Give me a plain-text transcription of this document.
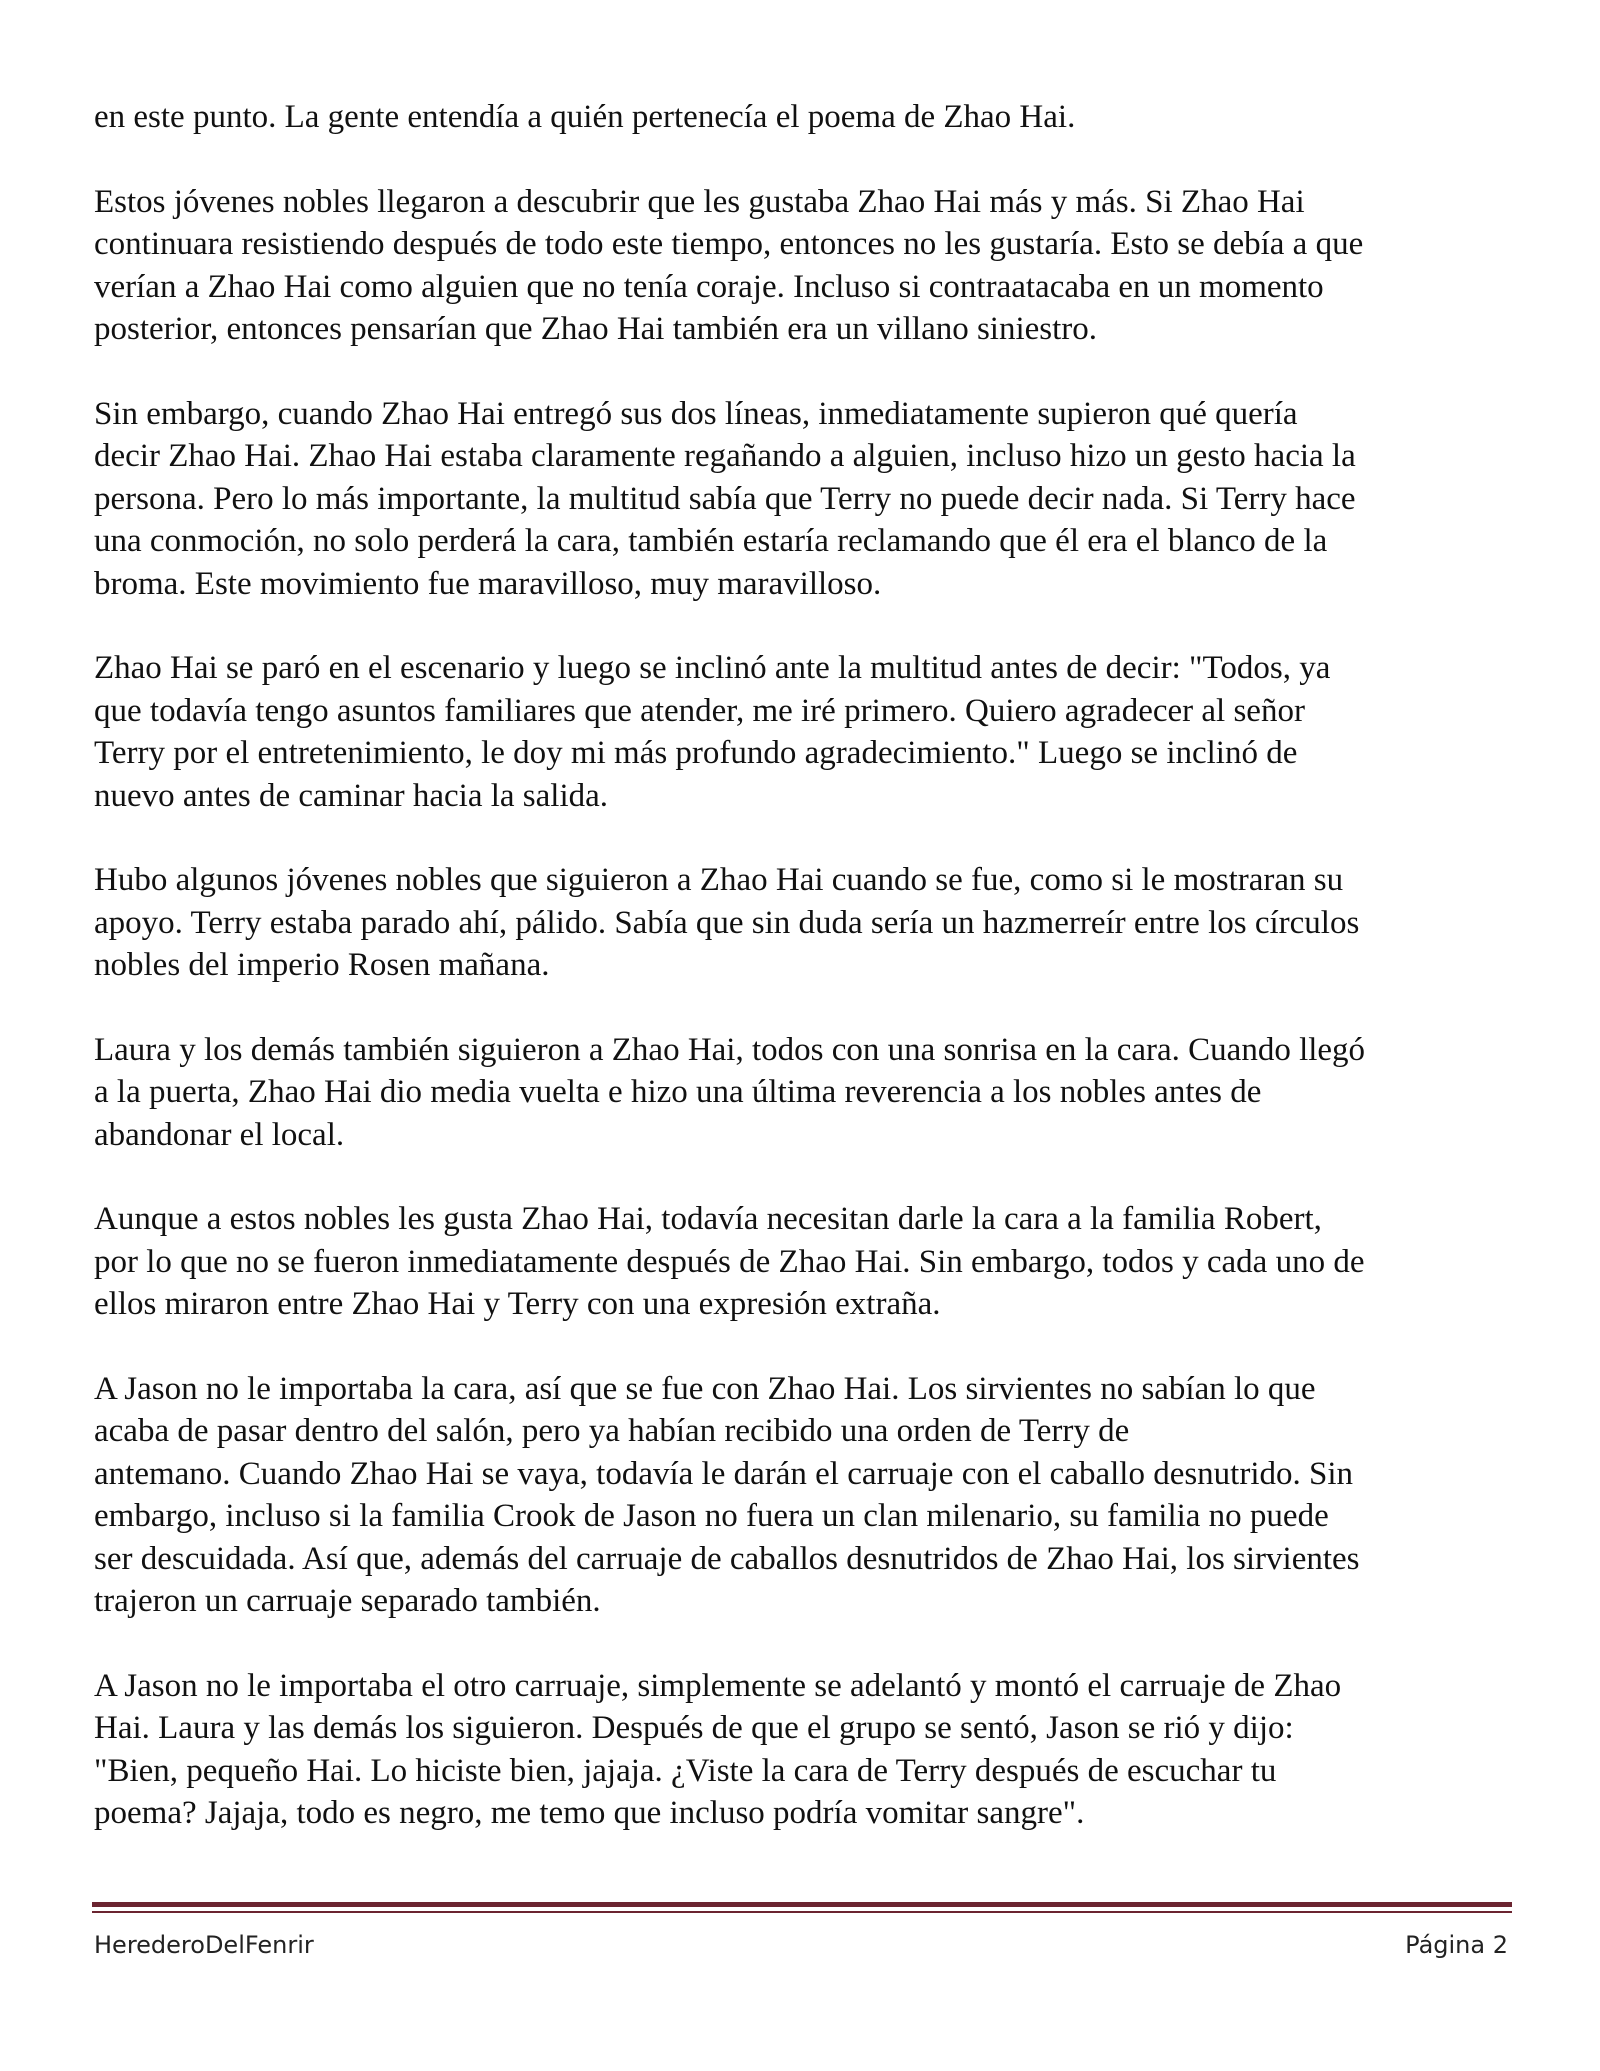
en este punto. La gente entendía a quién pertenecía el poema de Zhao Hai.

Estos jóvenes nobles llegaron a descubrir que les gustaba Zhao Hai más y más. Si Zhao Hai
continuara resistiendo después de todo este tiempo, entonces no les gustaría. Esto se debía a que
verían a Zhao Hai como alguien que no tenía coraje. Incluso si contraatacaba en un momento
posterior, entonces pensarían que Zhao Hai también era un villano siniestro.

Sin embargo, cuando Zhao Hai entregó sus dos líneas, inmediatamente supieron qué quería
decir Zhao Hai. Zhao Hai estaba claramente regañando a alguien, incluso hizo un gesto hacia la
persona. Pero lo más importante, la multitud sabía que Terry no puede decir nada. Si Terry hace
una conmoción, no solo perderá la cara, también estaría reclamando que él era el blanco de la
broma. Este movimiento fue maravilloso, muy maravilloso.

Zhao Hai se paró en el escenario y luego se inclinó ante la multitud antes de decir: "Todos, ya
que todavía tengo asuntos familiares que atender, me iré primero. Quiero agradecer al señor
Terry por el entretenimiento, le doy mi más profundo agradecimiento." Luego se inclinó de
nuevo antes de caminar hacia la salida.

Hubo algunos jóvenes nobles que siguieron a Zhao Hai cuando se fue, como si le mostraran su
apoyo. Terry estaba parado ahí, pálido. Sabía que sin duda sería un hazmerreír entre los círculos
nobles del imperio Rosen mañana.

Laura y los demás también siguieron a Zhao Hai, todos con una sonrisa en la cara. Cuando llegó
a la puerta, Zhao Hai dio media vuelta e hizo una última reverencia a los nobles antes de
abandonar el local.

Aunque a estos nobles les gusta Zhao Hai, todavía necesitan darle la cara a la familia Robert,
por lo que no se fueron inmediatamente después de Zhao Hai. Sin embargo, todos y cada uno de
ellos miraron entre Zhao Hai y Terry con una expresión extraña.

A Jason no le importaba la cara, así que se fue con Zhao Hai. Los sirvientes no sabían lo que
acaba de pasar dentro del salón, pero ya habían recibido una orden de Terry de
antemano. Cuando Zhao Hai se vaya, todavía le darán el carruaje con el caballo desnutrido. Sin
embargo, incluso si la familia Crook de Jason no fuera un clan milenario, su familia no puede
ser descuidada. Así que, además del carruaje de caballos desnutridos de Zhao Hai, los sirvientes
trajeron un carruaje separado también.

A Jason no le importaba el otro carruaje, simplemente se adelantó y montó el carruaje de Zhao
Hai. Laura y las demás los siguieron. Después de que el grupo se sentó, Jason se rió y dijo:
"Bien, pequeño Hai. Lo hiciste bien, jajaja. ¿Viste la cara de Terry después de escuchar tu
poema? Jajaja, todo es negro, me temo que incluso podría vomitar sangre".

HerederoDelFenrir	Página 2
